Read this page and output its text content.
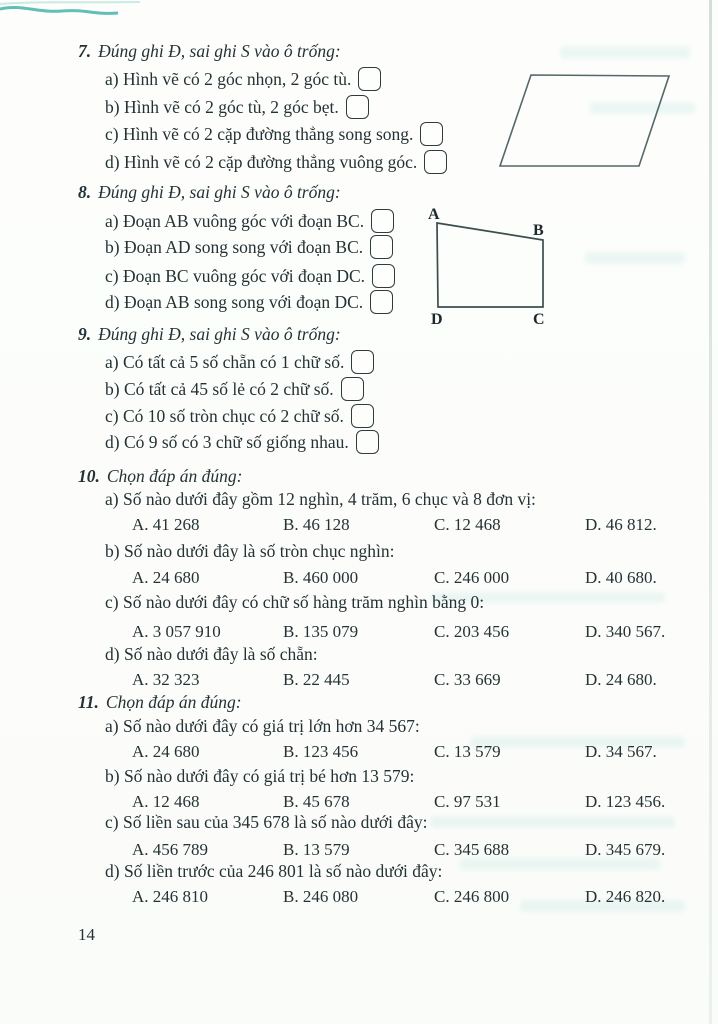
7. Đúng ghi Đ, sai ghi S vào ô trống:
a) Hình vẽ có 2 góc nhọn, 2 góc tù.
b) Hình vẽ có 2 góc tù, 2 góc bẹt.
c) Hình vẽ có 2 cặp đường thẳng song song.
d) Hình vẽ có 2 cặp đường thẳng vuông góc.
8. Đúng ghi Đ, sai ghi S vào ô trống:
a) Đoạn AB vuông góc với đoạn BC.
b) Đoạn AD song song với đoạn BC.
c) Đoạn BC vuông góc với đoạn DC.
d) Đoạn AB song song với đoạn DC.
A
B
C
D
9. Đúng ghi Đ, sai ghi S vào ô trống:
a) Có tất cả 5 số chẵn có 1 chữ số.
b) Có tất cả 45 số lẻ có 2 chữ số.
c) Có 10 số tròn chục có 2 chữ số.
d) Có 9 số có 3 chữ số giống nhau.
10. Chọn đáp án đúng:
a) Số nào dưới đây gồm 12 nghìn, 4 trăm, 6 chục và 8 đơn vị:
A. 41 268	B. 46 128	C. 12 468	D. 46 812.
b) Số nào dưới đây là số tròn chục nghìn:
A. 24 680	B. 460 000	C. 246 000	D. 40 680.
c) Số nào dưới đây có chữ số hàng trăm nghìn bằng 0:
A. 3 057 910	B. 135 079	C. 203 456	D. 340 567.
d) Số nào dưới đây là số chẵn:
A. 32 323	B. 22 445	C. 33 669	D. 24 680.
11. Chọn đáp án đúng:
a) Số nào dưới đây có giá trị lớn hơn 34 567:
A. 24 680	B. 123 456	C. 13 579	D. 34 567.
b) Số nào dưới đây có giá trị bé hơn 13 579:
A. 12 468	B. 45 678	C. 97 531	D. 123 456.
c) Số liền sau của 345 678 là số nào dưới đây:
A. 456 789	B. 13 579	C. 345 688	D. 345 679.
d) Số liền trước của 246 801 là số nào dưới đây:
A. 246 810	B. 246 080	C. 246 800	D. 246 820.
14
